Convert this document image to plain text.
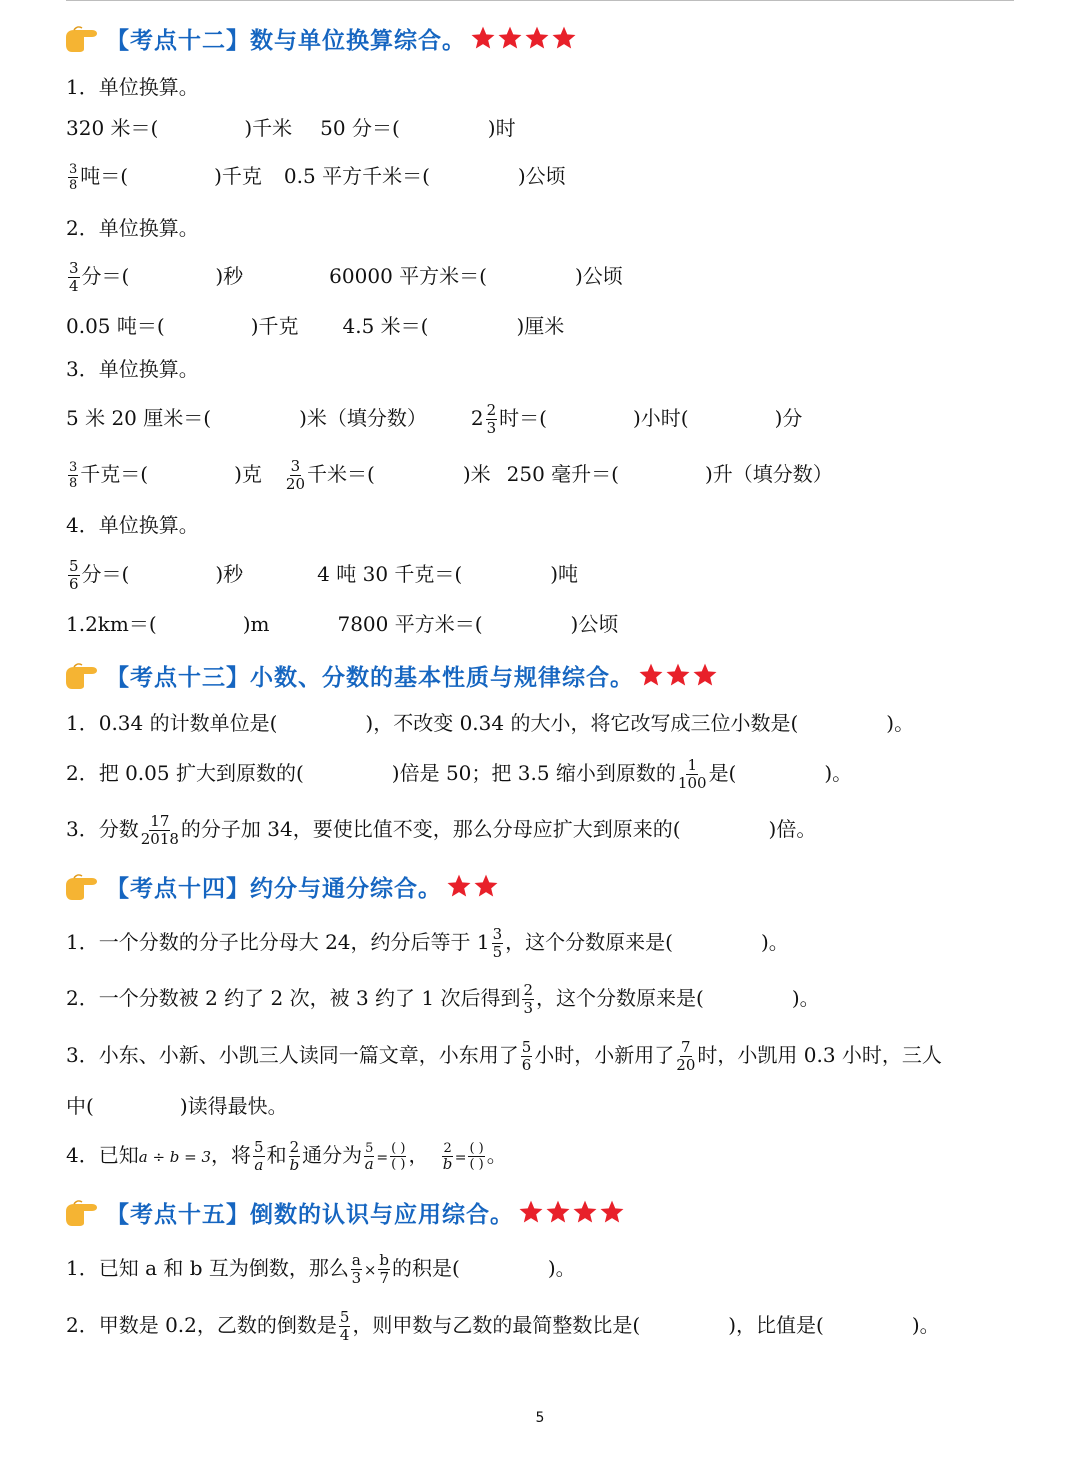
【考点十二】数与单位换算综合。
1．单位换算。
320 米＝(	)千米 50 分＝(	)时
$\frac{3}{8}$ 吨＝(	)千克 0.5 平方千米＝(	)公顷
2．单位换算。
$\frac{3}{4}$ 分＝(	)秒	60000 平方米＝(	)公顷
0.05 吨＝(	)千克 4.5 米＝(	)厘米
3．单位换算。
5 米 20 厘米＝(	)米（填分数） $2 \frac{2}{3}$ 时＝(	)小时(	)分
$\frac{3}{8}$ 千克＝(	)克 $\frac{3}{20}$ 千米＝(	)米 250 毫升＝(	)升（填分数）
4．单位换算。
$\frac{5}{6}$ 分＝(	)秒	4 吨 30 千克＝(	)吨
1.2km＝(	)m	7800 平方米＝(	)公顷
【考点十三】小数、分数的基本性质与规律综合。
1．0.34 的计数单位是(	)，不改变 0.34 的大小，将它改写成三位小数是(	)。
2．把 0.05 扩大到原数的(	)倍是 50；把 3.5 缩小到原数的 $\frac{1}{100}$ 是(	)。
3．分数 $\frac{17}{2018}$ 的分子加 34，要使比值不变，那么分母应扩大到原来的(	)倍。
【考点十四】约分与通分综合。
1．一个分数的分子比分母大 24，约分后等于 $1 \frac{3}{5}$ ，这个分数原来是(	)。
2．一个分数被 2 约了 2 次，被 3 约了 1 次后得到 $\frac{2}{3}$ ，这个分数原来是(	)。
3．小东、小新、小凯三人读同一篇文章，小东用了 $\frac{5}{6}$ 小时，小新用了 $\frac{7}{20}$ 时，小凯用 0.3 小时，三人
中(	)读得最快。
4．已知a ÷ b = 3，将 $\frac{5}{a}$ 和 $\frac{2}{b}$ 通分为 $\frac{5}{a} = \frac{( )}{( )}$ ， $\frac{2}{b} = \frac{( )}{( )}$ 。
【考点十五】倒数的认识与应用综合。
1．已知 a 和 b 互为倒数，那么 $\frac{a}{3} \times \frac{b}{7}$ 的积是(	)。
2．甲数是 0.2，乙数的倒数是 $\frac{5}{4}$ ，则甲数与乙数的最简整数比是(	)，比值是(	)。
5
